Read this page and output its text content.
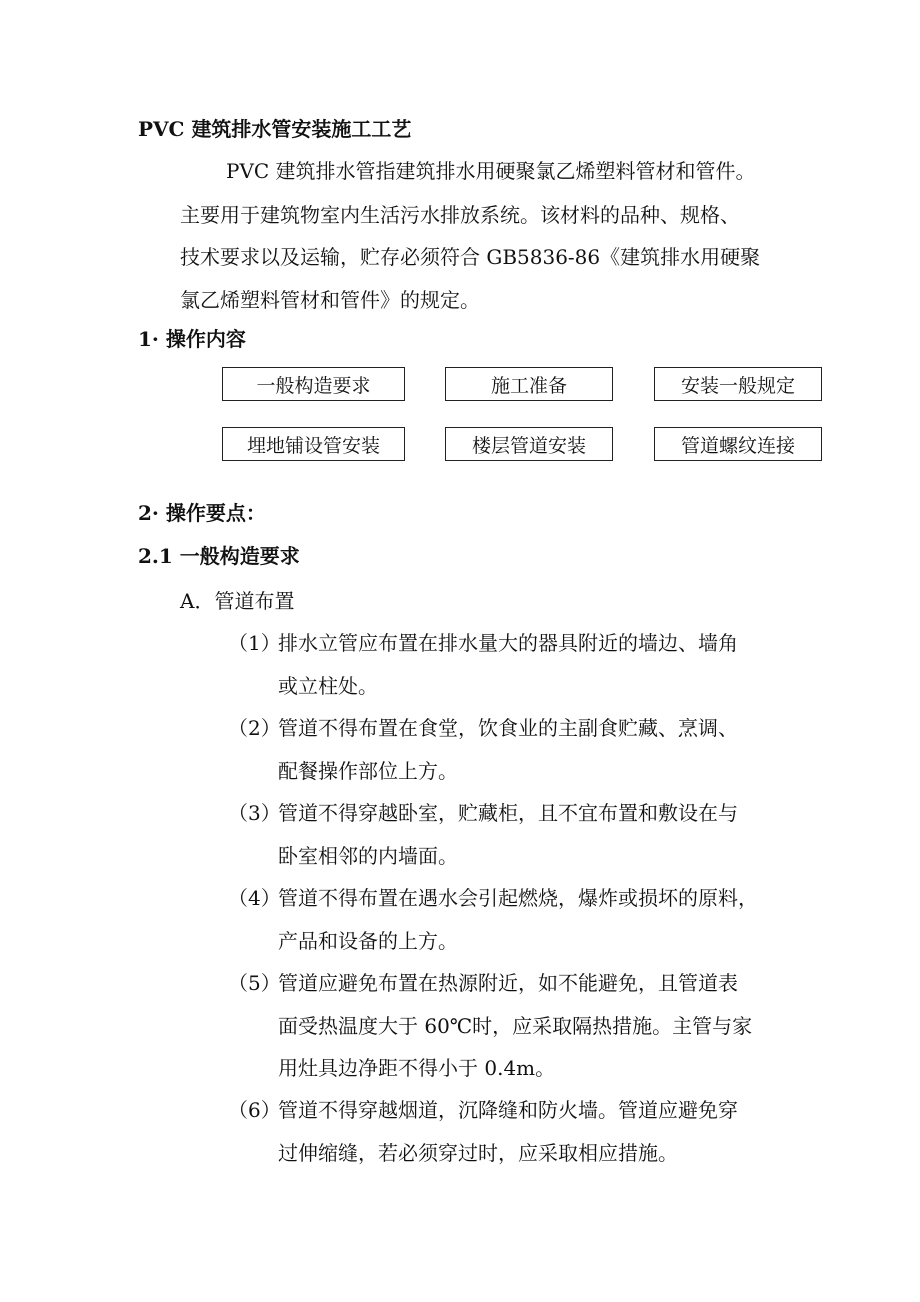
PVC 建筑排水管安装施工工艺
PVC 建筑排水管指建筑排水用硬聚氯乙烯塑料管材和管件。
主要用于建筑物室内生活污水排放系统。该材料的品种、规格、
技术要求以及运输，贮存必须符合 GB5836-86《建筑排水用硬聚
氯乙烯塑料管材和管件》的规定。
1· 操作内容
一般构造要求	施工准备	安装一般规定
埋地铺设管安装	楼层管道安装	管道螺纹连接
2· 操作要点：
2.1 一般构造要求
A．管道布置
（1）
排水立管应布置在排水量大的器具附近的墙边、墙角
或立柱处。
（2）
管道不得布置在食堂，饮食业的主副食贮藏、烹调、
配餐操作部位上方。
（3）
管道不得穿越卧室，贮藏柜，且不宜布置和敷设在与
卧室相邻的内墙面。
（4）
管道不得布置在遇水会引起燃烧，爆炸或损坏的原料，
产品和设备的上方。
（5）
管道应避免布置在热源附近，如不能避免，且管道表
面受热温度大于 60℃时，应采取隔热措施。主管与家
用灶具边净距不得小于 0.4m。
（6）
管道不得穿越烟道，沉降缝和防火墙。管道应避免穿
过伸缩缝，若必须穿过时，应采取相应措施。
